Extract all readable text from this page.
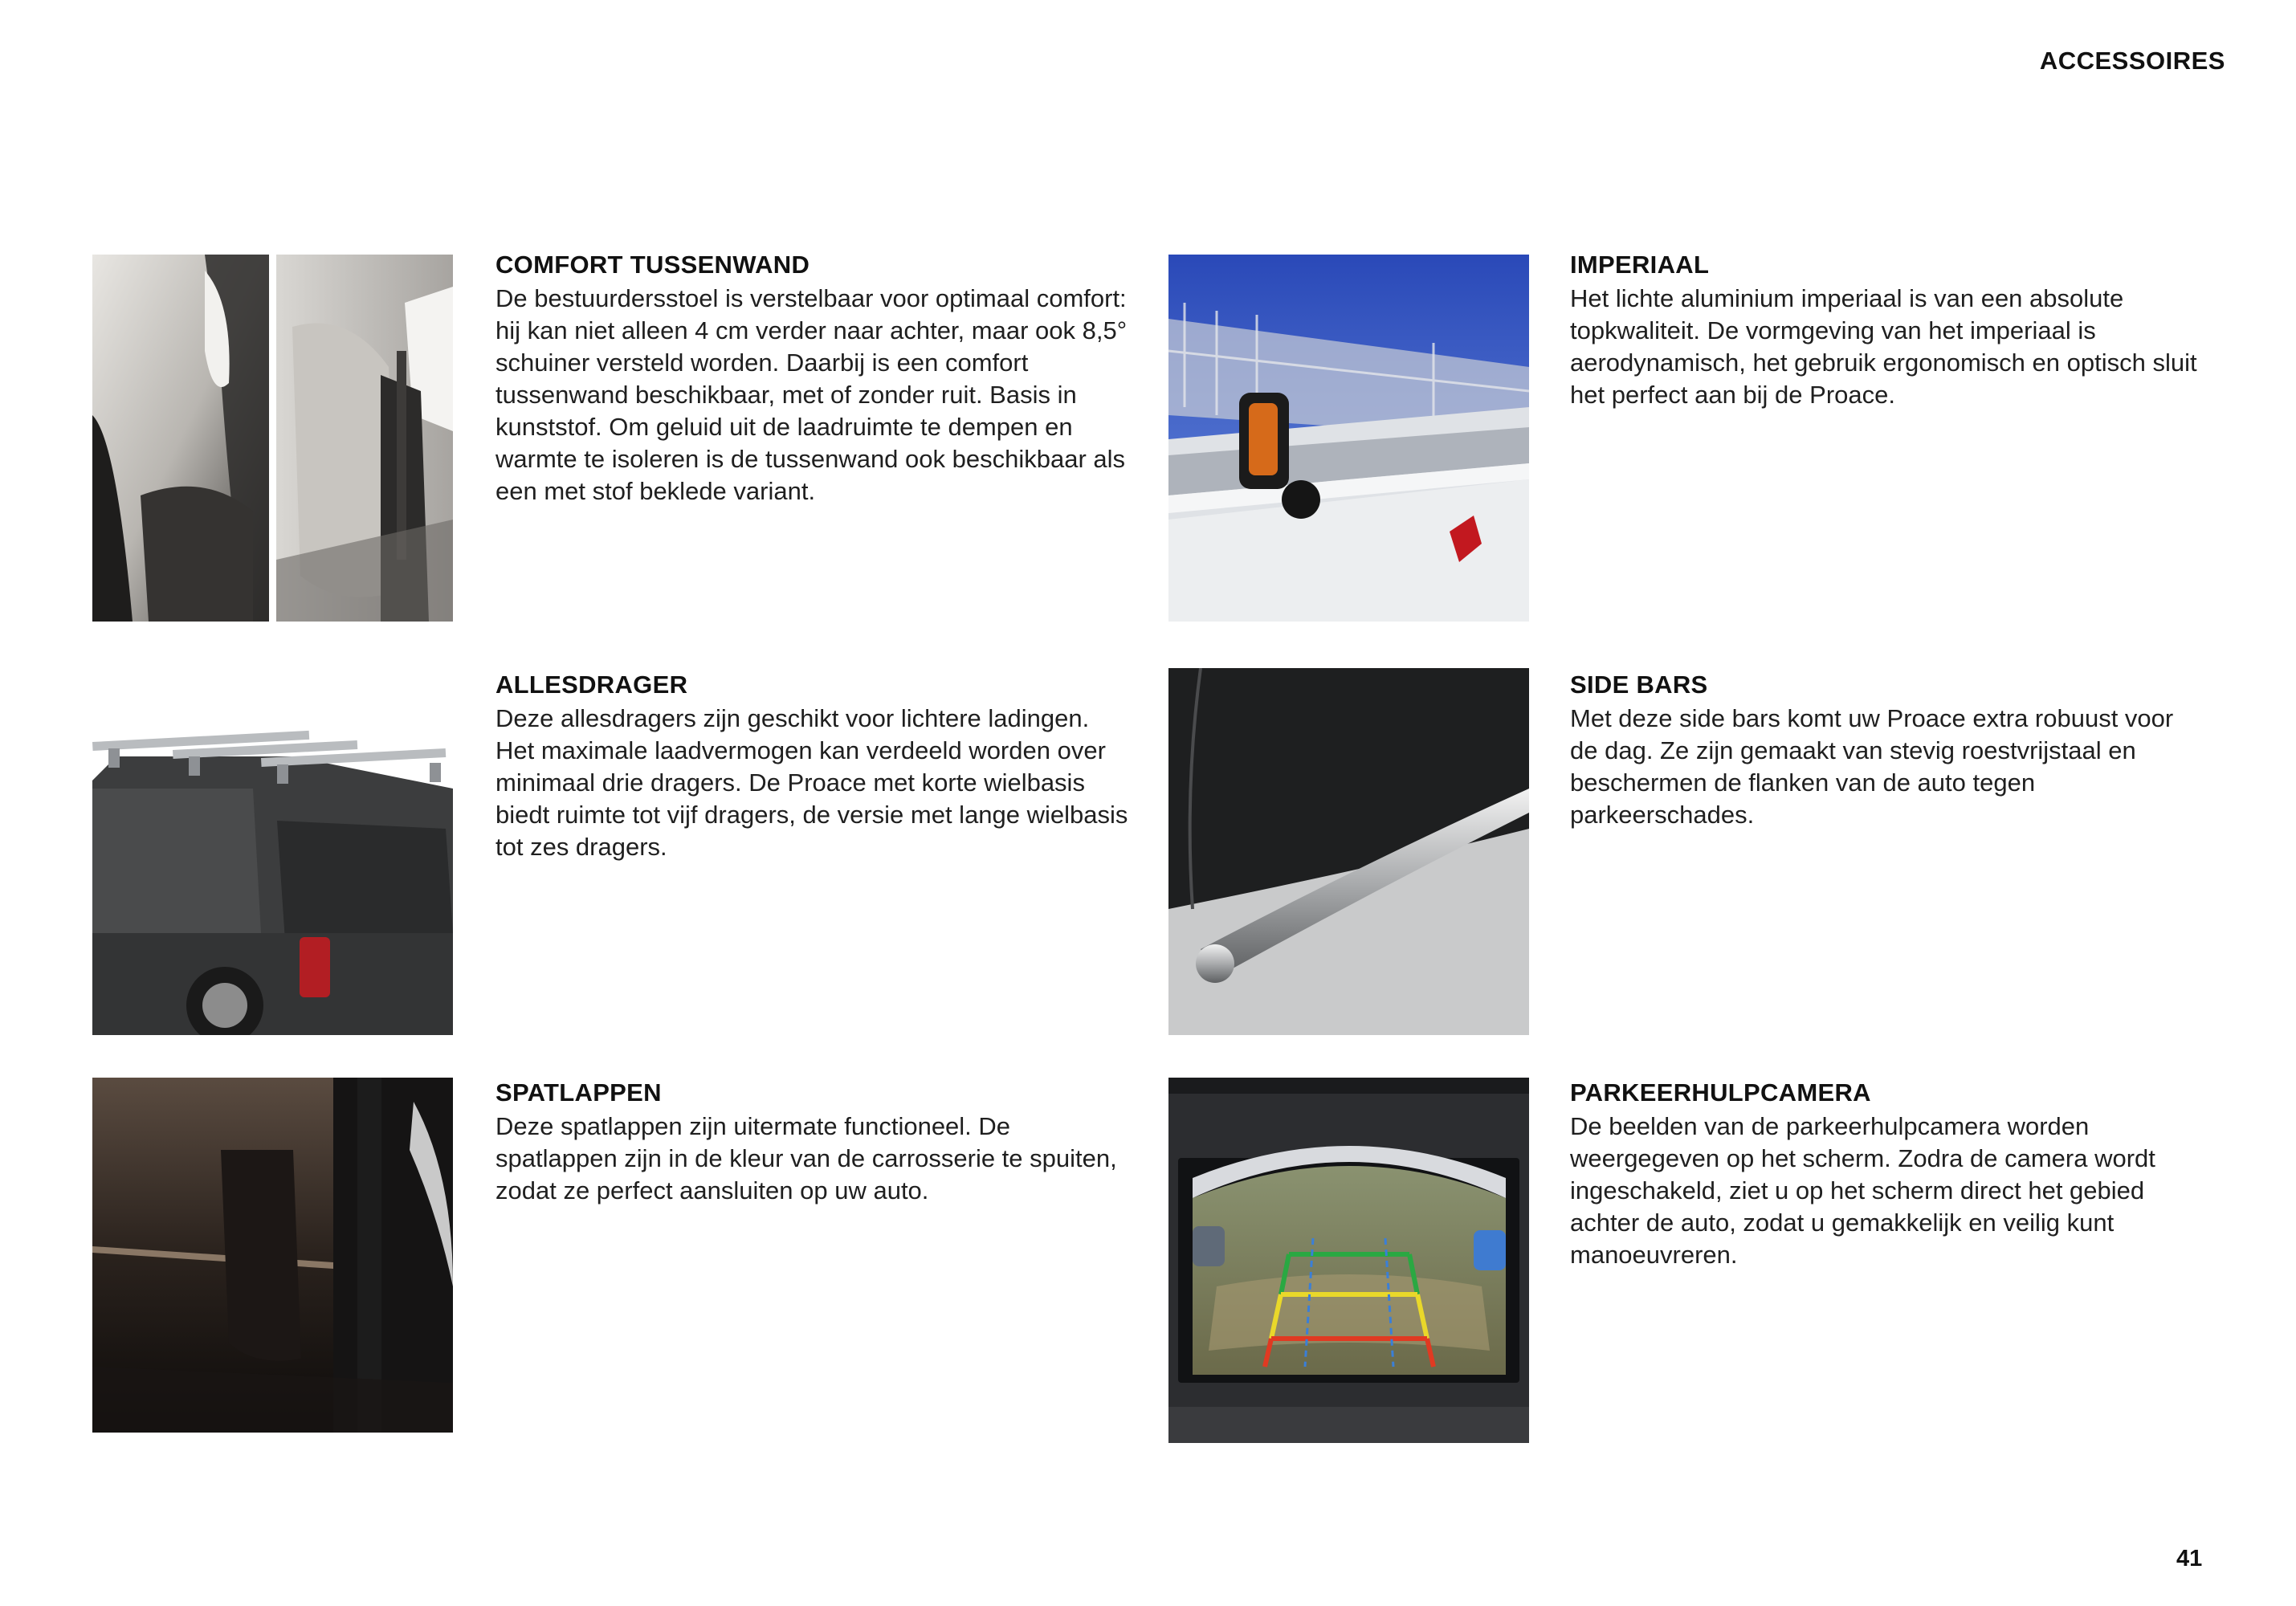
ACCESSOIRES
COMFORT TUSSENWAND

De bestuurdersstoel is verstelbaar voor optimaal comfort: hij kan niet alleen 4 cm verder naar achter, maar ook 8,5° schuiner versteld worden. Daarbij is een comfort tussenwand beschikbaar, met of zonder ruit. Basis in kunststof. Om geluid uit de laadruimte te dempen en warmte te isoleren is de tussenwand ook beschikbaar als een met stof beklede variant.

IMPERIAAL

Het lichte aluminium imperiaal is van een absolute topkwaliteit. De vormgeving van het imperiaal is aerodynamisch, het gebruik ergonomisch en optisch sluit het perfect aan bij de Proace.

ALLESDRAGER

Deze allesdragers zijn geschikt voor lichtere ladingen. Het maximale laadvermogen kan verdeeld worden over minimaal drie dragers. De Proace met korte wielbasis biedt ruimte tot vijf dragers, de versie met lange wielbasis tot zes dragers.

SIDE BARS

Met deze side bars komt uw Proace extra robuust voor de dag. Ze zijn gemaakt van stevig roestvrijstaal en beschermen de flanken van de auto tegen parkeerschades.

SPATLAPPEN

Deze spatlappen zijn uitermate functioneel. De spatlappen zijn in de kleur van de carrosserie te spuiten, zodat ze perfect aansluiten op uw auto.

PARKEERHULPCAMERA

De beelden van de parkeerhulpcamera worden weergegeven op het scherm. Zodra de camera wordt ingeschakeld, ziet u op het scherm direct het gebied achter de auto, zodat u gemakkelijk en veilig kunt manoeuvreren.

41
